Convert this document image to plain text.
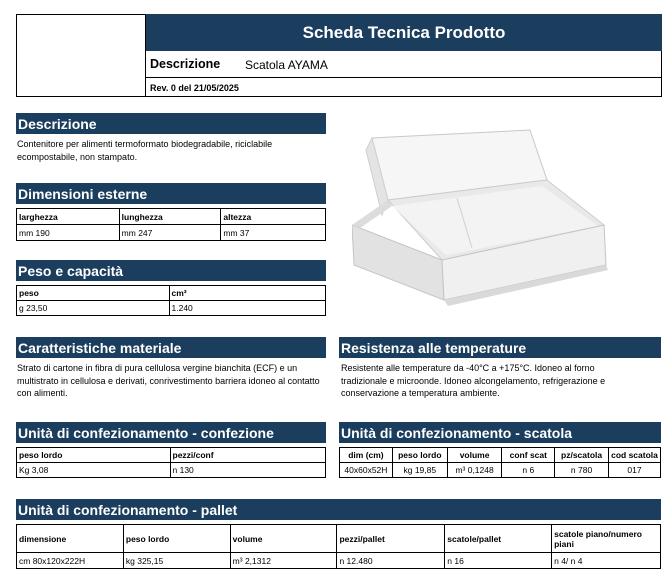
Scheda Tecnica Prodotto
Descrizione Scatola AYAMA
Rev. 0 del 21/05/2025
Descrizione
Contenitore per alimenti termoformato biodegradabile, riciclabile ecompostabile, non stampato.
Dimensioni esterne
larghezza	lunghezza	altezza
mm 190	mm 247	mm 37
Peso e capacità
peso	cm³
g 23,50	1.240
Caratteristiche materiale
Strato di cartone in fibra di pura cellulosa vergine bianchita (ECF) e un multistrato in cellulosa e derivati, conrivestimento barriera idoneo al contatto con alimenti.
Resistenza alle temperature
Resistente alle temperature da -40°C a +175°C. Idoneo al forno tradizionale e microonde. Idoneo alcongelamento, refrigerazione e conservazione a temperatura ambiente.
Unità di confezionamento - confezione
peso lordo	pezzi/conf
Kg 3,08	n 130
Unità di confezionamento - scatola
dim (cm)	peso lordo	volume	conf scat	pz/scatola	cod scatola
40x60x52H	kg 19,85	m³ 0,1248	n 6	n 780	017
Unità di confezionamento - pallet
dimensione	peso lordo	volume	pezzi/pallet	scatole/pallet	scatole piano/numero piani
cm 80x120x222H	kg 325,15	m³ 2,1312	n 12.480	n 16	n 4/ n 4
